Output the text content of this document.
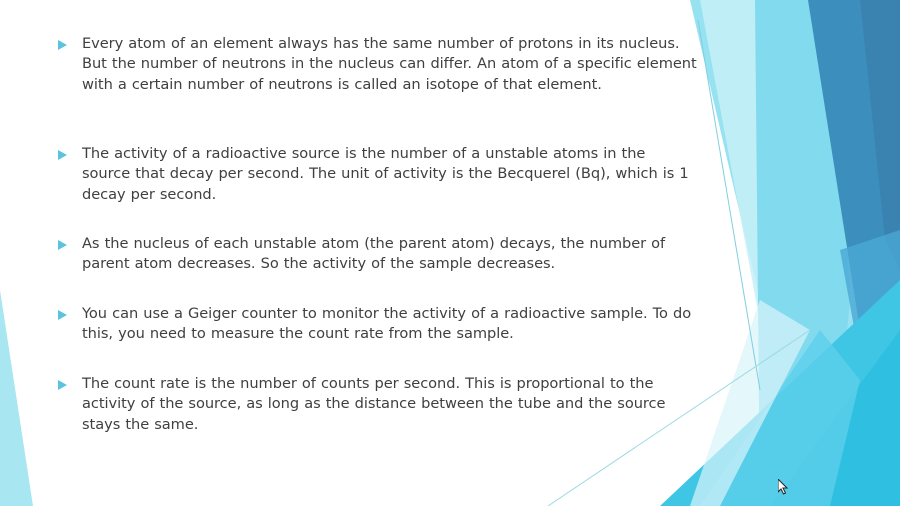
Every atom of an element always has the same number of protons in its nucleus. But the number of neutrons in the nucleus can differ. An atom of a specific element with a certain number of neutrons is called an isotope of that element.
The activity of a radioactive source is the number of a unstable atoms in the source that decay per second. The unit of activity is the Becquerel (Bq), which is 1 decay per second.
As the nucleus of each unstable atom (the parent atom) decays, the number of parent atom decreases. So the activity of the sample decreases.
You can use a Geiger counter to monitor the activity of a radioactive sample. To do this, you need to measure the count rate from the sample.
The count rate is the number of counts per second. This is proportional to the activity of the source, as long as the distance between the tube and the source stays the same.
